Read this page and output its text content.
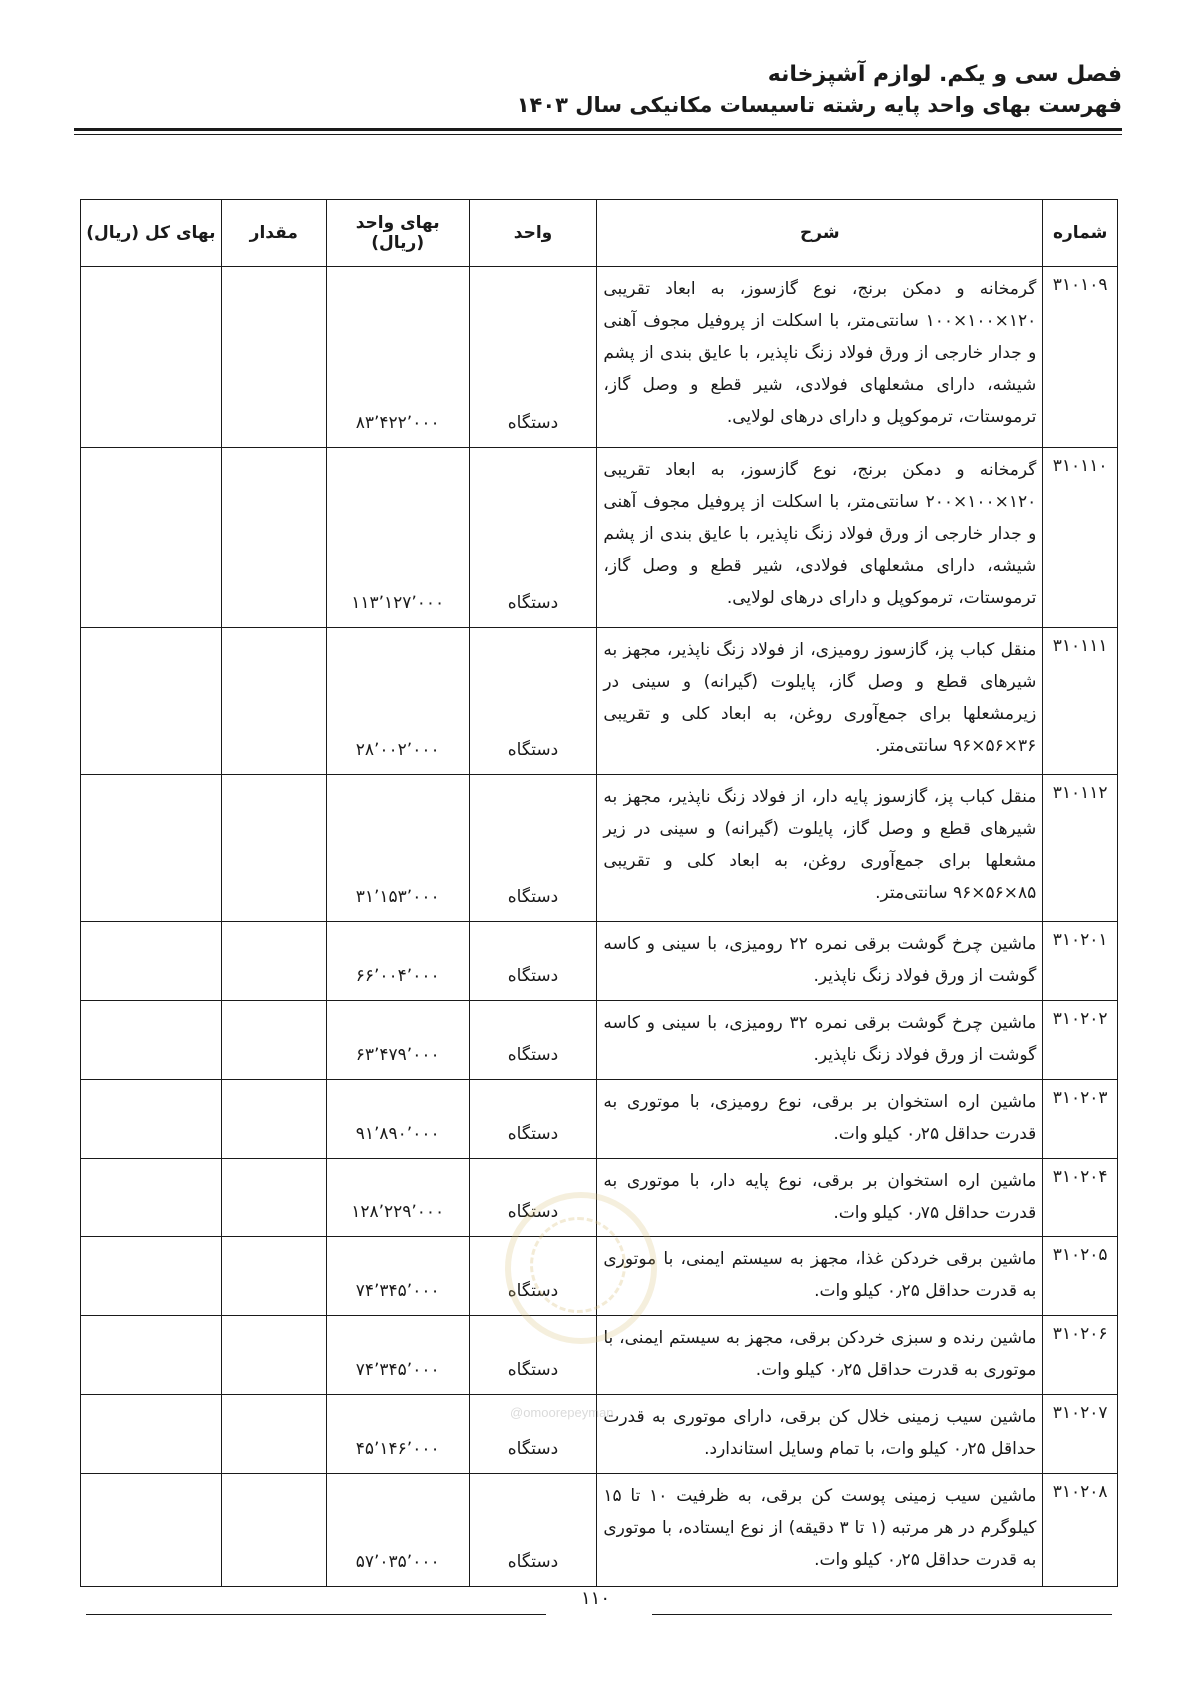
فصل سی و یکم. لوازم آشپزخانه
فهرست بهای واحد پایه رشته تاسیسات مکانیکی سال ۱۴۰۳
شماره	شرح	واحد	بهای واحد (ریال)	مقدار	بهای کل (ریال)
۳۱۰۱۰۹	گرمخانه و دمکن برنج، نوع گازسوز، به ابعاد تقریبی ۱۲۰×۱۰۰×۱۰۰ سانتی‌متر، با اسکلت از پروفیل مجوف آهنی و جدار خارجی از ورق فولاد زنگ ناپذیر، با عایق بندی از پشم شیشه، دارای مشعلهای فولادی، شیر قطع و وصل گاز، ترموستات، ترموکوپل و دارای درهای لولایی.	دستگاه	۸۳٬۴۲۲٬۰۰۰		
۳۱۰۱۱۰	گرمخانه و دمکن برنج، نوع گازسوز، به ابعاد تقریبی ۱۲۰×۱۰۰×۲۰۰ سانتی‌متر، با اسکلت از پروفیل مجوف آهنی و جدار خارجی از ورق فولاد زنگ ناپذیر، با عایق بندی از پشم شیشه، دارای مشعلهای فولادی، شیر قطع و وصل گاز، ترموستات، ترموکوپل و دارای درهای لولایی.	دستگاه	۱۱۳٬۱۲۷٬۰۰۰		
۳۱۰۱۱۱	منقل کباب پز، گازسوز رومیزی، از فولاد زنگ ناپذیر، مجهز به شیرهای قطع و وصل گاز، پایلوت (گیرانه) و سینی در زیرمشعلها برای جمع‌آوری روغن، به ابعاد کلی و تقریبی ۳۶×۵۶×۹۶ سانتی‌متر.	دستگاه	۲۸٬۰۰۲٬۰۰۰		
۳۱۰۱۱۲	منقل کباب پز، گازسوز پایه دار، از فولاد زنگ ناپذیر، مجهز به شیرهای قطع و وصل گاز، پایلوت (گیرانه) و سینی در زیر مشعلها برای جمع‌آوری روغن، به ابعاد کلی و تقریبی ۸۵×۵۶×۹۶ سانتی‌متر.	دستگاه	۳۱٬۱۵۳٬۰۰۰		
۳۱۰۲۰۱	ماشین چرخ گوشت برقی نمره ۲۲ رومیزی، با سینی و کاسه گوشت از ورق فولاد زنگ ناپذیر.	دستگاه	۶۶٬۰۰۴٬۰۰۰		
۳۱۰۲۰۲	ماشین چرخ گوشت برقی نمره ۳۲ رومیزی، با سینی و کاسه گوشت از ورق فولاد زنگ ناپذیر.	دستگاه	۶۳٬۴۷۹٬۰۰۰		
۳۱۰۲۰۳	ماشین اره استخوان بر برقی، نوع رومیزی، با موتوری به قدرت حداقل ۰٫۲۵ کیلو وات.	دستگاه	۹۱٬۸۹۰٬۰۰۰		
۳۱۰۲۰۴	ماشین اره استخوان بر برقی، نوع پایه دار، با موتوری به قدرت حداقل ۰٫۷۵ کیلو وات.	دستگاه	۱۲۸٬۲۲۹٬۰۰۰		
۳۱۰۲۰۵	ماشین برقی خردکن غذا، مجهز به سیستم ایمنی، با موتوری به قدرت حداقل ۰٫۲۵ کیلو وات.	دستگاه	۷۴٬۳۴۵٬۰۰۰		
۳۱۰۲۰۶	ماشین رنده و سبزی خردکن برقی، مجهز به سیستم ایمنی، با موتوری به قدرت حداقل ۰٫۲۵ کیلو وات.	دستگاه	۷۴٬۳۴۵٬۰۰۰		
۳۱۰۲۰۷	ماشین سیب زمینی خلال کن برقی، دارای موتوری به قدرت حداقل ۰٫۲۵ کیلو وات، با تمام وسایل استاندارد.	دستگاه	۴۵٬۱۴۶٬۰۰۰		
۳۱۰۲۰۸	ماشین سیب زمینی پوست کن برقی، به ظرفیت ۱۰ تا ۱۵ کیلوگرم در هر مرتبه (۱ تا ۳ دقیقه) از نوع ایستاده، با موتوری به قدرت حداقل ۰٫۲۵ کیلو وات.	دستگاه	۵۷٬۰۳۵٬۰۰۰		
@omoorepeyman
۱۱۰
